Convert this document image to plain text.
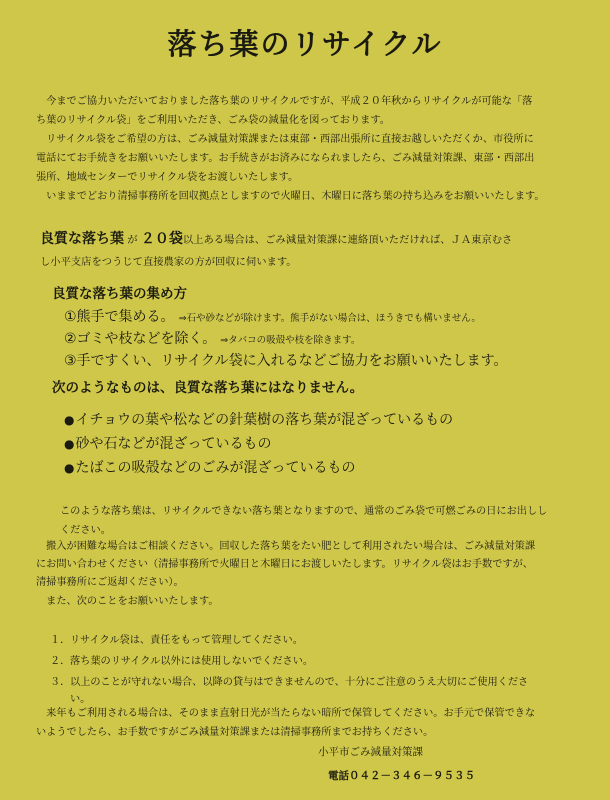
落ち葉のリサイクル
　今までご協力いただいておりました落ち葉のリサイクルですが、平成２０年秋からリサイクルが可能な「落
ち葉のリサイクル袋」をご利用いただき、ごみ袋の減量化を図っております。
　リサイクル袋をご希望の方は、ごみ減量対策課または東部・西部出張所に直接お越しいただくか、市役所に
電話にてお手続きをお願いいたします。お手続きがお済みになられましたら、ごみ減量対策課、東部・西部出
張所、地域センターでリサイクル袋をお渡しいたします。
　いままでどおり清掃事務所を回収拠点としますので火曜日、木曜日に落ち葉の持ち込みをお願いいたします。
良質な落ち葉 が ２０袋以上ある場合は、ごみ減量対策課に連絡頂いただければ、ＪＡ東京むさ
し小平支店をつうじて直接農家の方が回収に伺います。
良質な落ち葉の集め方
①熊手で集める。 ⇒石や砂などが除けます。熊手がない場合は、ほうきでも構いません。
②ゴミや枝などを除く。 ⇒タバコの吸殻や枝を除きます。
③手ですくい、リサイクル袋に入れるなどご協力をお願いいたします。
次のようなものは、良質な落ち葉にはなりません。
●イチョウの葉や松などの針葉樹の落ち葉が混ざっているもの
●砂や石などが混ざっているもの
●たばこの吸殻などのごみが混ざっているもの
このような落ち葉は、リサイクルできない落ち葉となりますので、通常のごみ袋で可燃ごみの日にお出しし
ください。
　搬入が困難な場合はご相談ください。回収した落ち葉をたい肥として利用されたい場合は、ごみ減量対策課
にお問い合わせください（清掃事務所で火曜日と木曜日にお渡しいたします。リサイクル袋はお手数ですが、
清掃事務所にご返却ください）。
　また、次のことをお願いいたします。
１．リサイクル袋は、責任をもって管理してください。
２．落ち葉のリサイクル以外には使用しないでください。
３．以上のことが守れない場合、以降の貸与はできませんので、十分にご注意のうえ大切にご使用くださ
い。
　来年もご利用される場合は、そのまま直射日光が当たらない暗所で保管してください。お手元で保管できな
いようでしたら、お手数ですがごみ減量対策課または清掃事務所までお持ちください。
小平市ごみ減量対策課
電話０４２－３４６－９５３５
